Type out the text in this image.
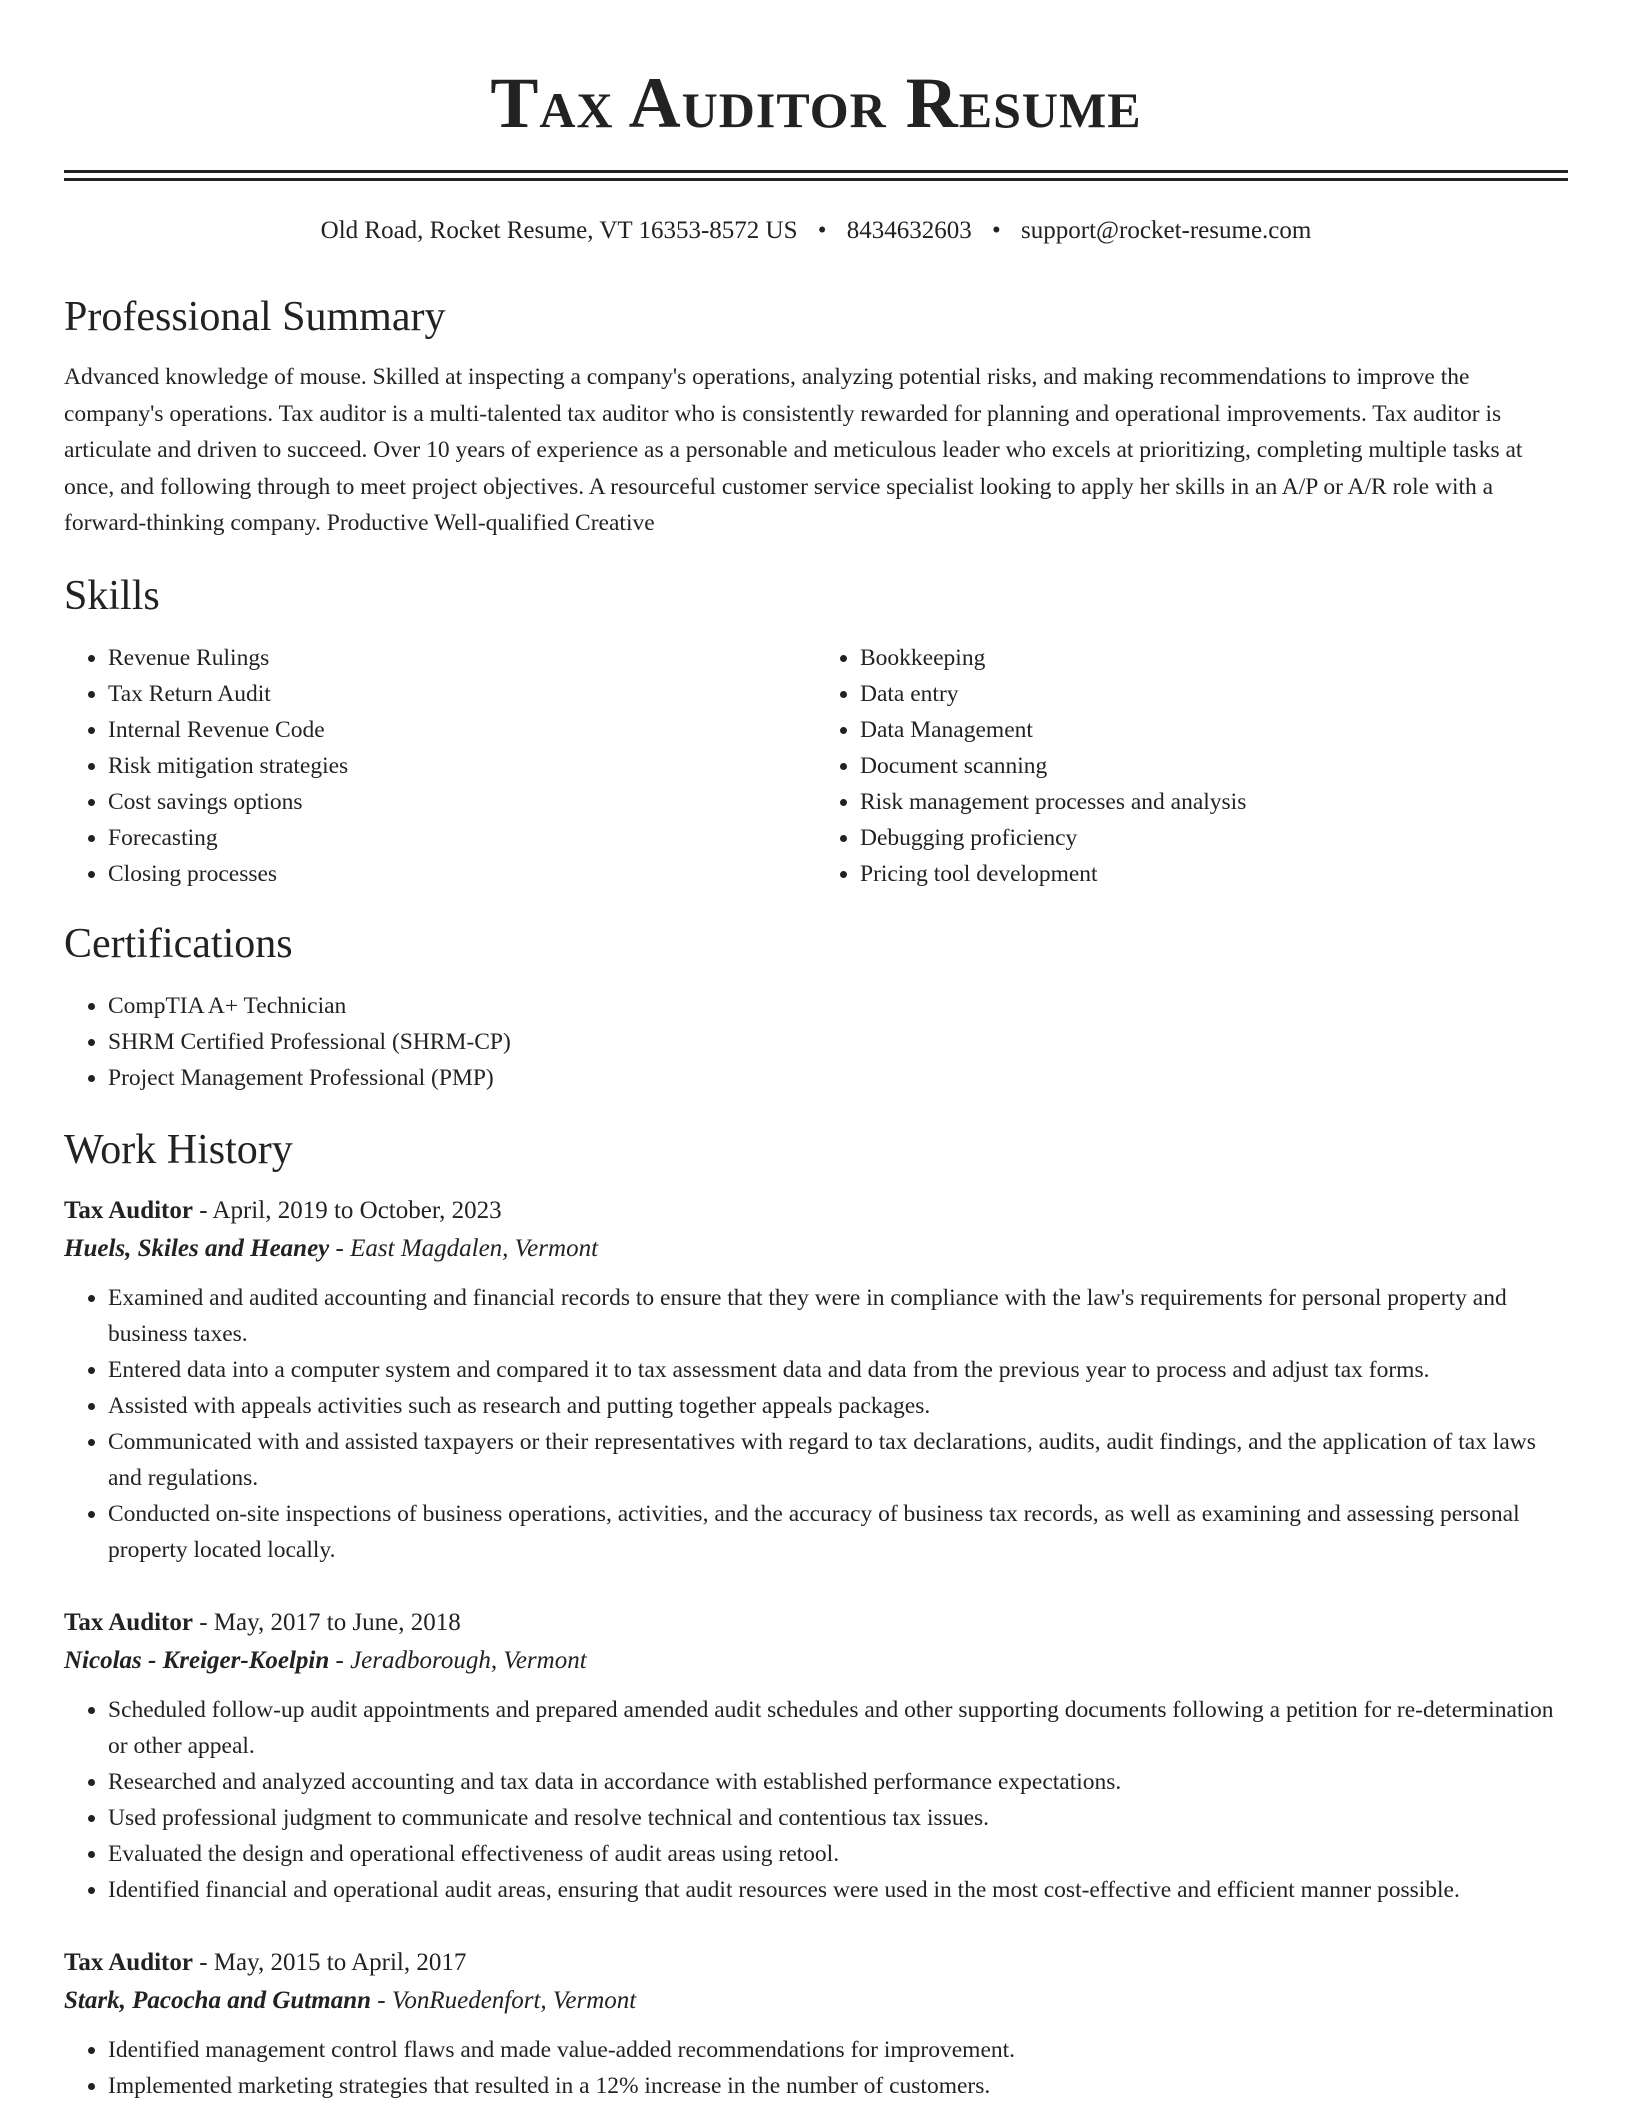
Tax Auditor Resume
Old Road, Rocket Resume, VT 16353-8572 US • 8434632603 • support@rocket-resume.com
Professional Summary
Advanced knowledge of mouse. Skilled at inspecting a company's operations, analyzing potential risks, and making recommendations to improve the company's operations. Tax auditor is a multi-talented tax auditor who is consistently rewarded for planning and operational improvements. Tax auditor is articulate and driven to succeed. Over 10 years of experience as a personable and meticulous leader who excels at prioritizing, completing multiple tasks at once, and following through to meet project objectives. A resourceful customer service specialist looking to apply her skills in an A/P or A/R role with a forward-thinking company. Productive Well-qualified Creative
Skills
• Revenue Rulings
• Tax Return Audit
• Internal Revenue Code
• Risk mitigation strategies
• Cost savings options
• Forecasting
• Closing processes
• Bookkeeping
• Data entry
• Data Management
• Document scanning
• Risk management processes and analysis
• Debugging proficiency
• Pricing tool development
Certifications
• CompTIA A+ Technician
• SHRM Certified Professional (SHRM-CP)
• Project Management Professional (PMP)
Work History
Tax Auditor - April, 2019 to October, 2023
Huels, Skiles and Heaney - East Magdalen, Vermont
• Examined and audited accounting and financial records to ensure that they were in compliance with the law's requirements for personal property and business taxes.
• Entered data into a computer system and compared it to tax assessment data and data from the previous year to process and adjust tax forms.
• Assisted with appeals activities such as research and putting together appeals packages.
• Communicated with and assisted taxpayers or their representatives with regard to tax declarations, audits, audit findings, and the application of tax laws and regulations.
• Conducted on-site inspections of business operations, activities, and the accuracy of business tax records, as well as examining and assessing personal property located locally.
Tax Auditor - May, 2017 to June, 2018
Nicolas - Kreiger-Koelpin - Jeradborough, Vermont
• Scheduled follow-up audit appointments and prepared amended audit schedules and other supporting documents following a petition for re-determination or other appeal.
• Researched and analyzed accounting and tax data in accordance with established performance expectations.
• Used professional judgment to communicate and resolve technical and contentious tax issues.
• Evaluated the design and operational effectiveness of audit areas using retool.
• Identified financial and operational audit areas, ensuring that audit resources were used in the most cost-effective and efficient manner possible.
Tax Auditor - May, 2015 to April, 2017
Stark, Pacocha and Gutmann - VonRuedenfort, Vermont
• Identified management control flaws and made value-added recommendations for improvement.
• Implemented marketing strategies that resulted in a 12% increase in the number of customers.
